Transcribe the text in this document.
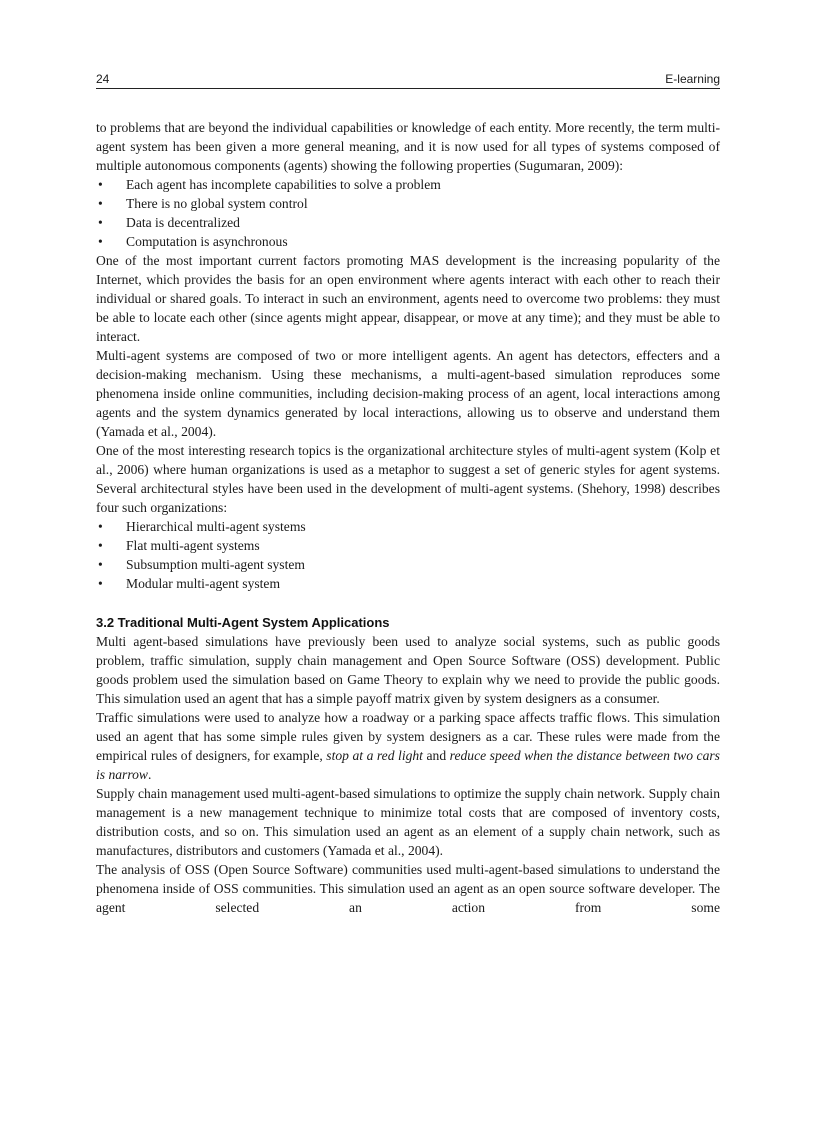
24	E-learning

to problems that are beyond the individual capabilities or knowledge of each entity. More recently, the term multi-agent system has been given a more general meaning, and it is now used for all types of systems composed of multiple autonomous components (agents) showing the following properties (Sugumaran, 2009):

• Each agent has incomplete capabilities to solve a problem
• There is no global system control
• Data is decentralized
• Computation is asynchronous

One of the most important current factors promoting MAS development is the increasing popularity of the Internet, which provides the basis for an open environment where agents interact with each other to reach their individual or shared goals. To interact in such an environment, agents need to overcome two problems: they must be able to locate each other (since agents might appear, disappear, or move at any time); and they must be able to interact.

Multi-agent systems are composed of two or more intelligent agents. An agent has detectors, effecters and a decision-making mechanism. Using these mechanisms, a multi-agent-based simulation reproduces some phenomena inside online communities, including decision-making process of an agent, local interactions among agents and the system dynamics generated by local interactions, allowing us to observe and understand them (Yamada et al., 2004).

One of the most interesting research topics is the organizational architecture styles of multi-agent system (Kolp et al., 2006) where human organizations is used as a metaphor to suggest a set of generic styles for agent systems. Several architectural styles have been used in the development of multi-agent systems. (Shehory, 1998) describes four such organizations:

• Hierarchical multi-agent systems
• Flat multi-agent systems
• Subsumption multi-agent system
• Modular multi-agent system
3.2 Traditional Multi-Agent System Applications

Multi agent-based simulations have previously been used to analyze social systems, such as public goods problem, traffic simulation, supply chain management and Open Source Software (OSS) development. Public goods problem used the simulation based on Game Theory to explain why we need to provide the public goods. This simulation used an agent that has a simple payoff matrix given by system designers as a consumer.

Traffic simulations were used to analyze how a roadway or a parking space affects traffic flows. This simulation used an agent that has some simple rules given by system designers as a car. These rules were made from the empirical rules of designers, for example, stop at a red light and reduce speed when the distance between two cars is narrow.

Supply chain management used multi-agent-based simulations to optimize the supply chain network. Supply chain management is a new management technique to minimize total costs that are composed of inventory costs, distribution costs, and so on. This simulation used an agent as an element of a supply chain network, such as manufactures, distributors and customers (Yamada et al., 2004).

The analysis of OSS (Open Source Software) communities used multi-agent-based simulations to understand the phenomena inside of OSS communities. This simulation used an agent as an open source software developer. The agent selected an action from some
